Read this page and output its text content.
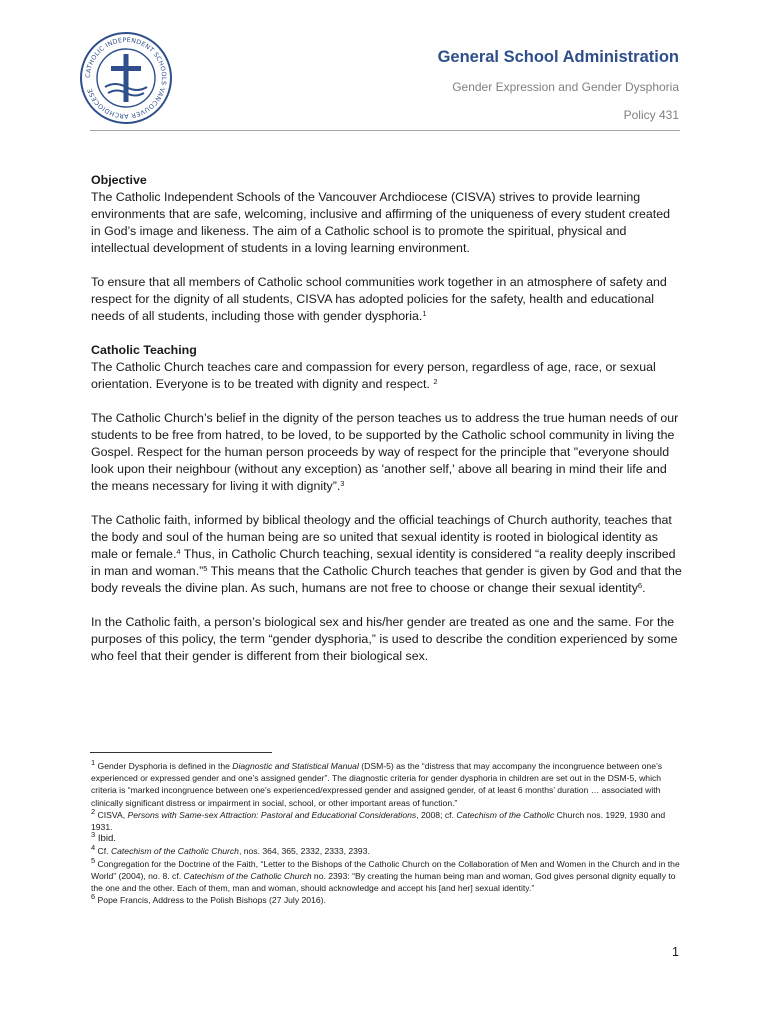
CATHOLIC INDEPENDENT SCHOOLS VANCOUVER ARCHDIOCESE
General School Administration
Gender Expression and Gender Dysphoria
Policy 431
Objective

The Catholic Independent Schools of the Vancouver Archdiocese (CISVA) strives to provide learning environments that are safe, welcoming, inclusive and affirming of the uniqueness of every student created in God’s image and likeness. The aim of a Catholic school is to promote the spiritual, physical and intellectual development of students in a loving learning environment.

To ensure that all members of Catholic school communities work together in an atmosphere of safety and respect for the dignity of all students, CISVA has adopted policies for the safety, health and educational needs of all students, including those with gender dysphoria.$^1$

Catholic Teaching

The Catholic Church teaches care and compassion for every person, regardless of age, race, or sexual orientation. Everyone is to be treated with dignity and respect. $^2$

The Catholic Church’s belief in the dignity of the person teaches us to address the true human needs of our students to be free from hatred, to be loved, to be supported by the Catholic school community in living the Gospel. Respect for the human person proceeds by way of respect for the principle that "everyone should look upon their neighbour (without any exception) as 'another self,' above all bearing in mind their life and the means necessary for living it with dignity”.$^3$

The Catholic faith, informed by biblical theology and the official teachings of Church authority, teaches that the body and soul of the human being are so united that sexual identity is rooted in biological identity as male or female.$^4$ Thus, in Catholic Church teaching, sexual identity is considered “a reality deeply inscribed in man and woman.”$^5$ This means that the Catholic Church teaches that gender is given by God and that the body reveals the divine plan. As such, humans are not free to choose or change their sexual identity$^6$.

In the Catholic faith, a person’s biological sex and his/her gender are treated as one and the same. For the purposes of this policy, the term “gender dysphoria,” is used to describe the condition experienced by some who feel that their gender is different from their biological sex.

$^1$ Gender Dysphoria is defined in the Diagnostic and Statistical Manual (DSM-5) as the “distress that may accompany the incongruence between one’s experienced or expressed gender and one’s assigned gender”. The diagnostic criteria for gender dysphoria in children are set out in the DSM-5, which criteria is “marked incongruence between one’s experienced/expressed gender and assigned gender, of at least 6 months’ duration … associated with clinically significant distress or impairment in social, school, or other important areas of function.”

$^2$ CISVA, Persons with Same-sex Attraction: Pastoral and Educational Considerations, 2008; cf. Catechism of the Catholic Church nos. 1929, 1930 and 1931.

$^3$ Ibid.

$^4$ Cf. Catechism of the Catholic Church, nos. 364, 365, 2332, 2333, 2393.

$^5$ Congregation for the Doctrine of the Faith, “Letter to the Bishops of the Catholic Church on the Collaboration of Men and Women in the Church and in the World” (2004), no. 8. cf. Catechism of the Catholic Church no. 2393: “By creating the human being man and woman, God gives personal dignity equally to the one and the other. Each of them, man and woman, should acknowledge and accept his [and her] sexual identity.”

$^6$ Pope Francis, Address to the Polish Bishops (27 July 2016).

1
